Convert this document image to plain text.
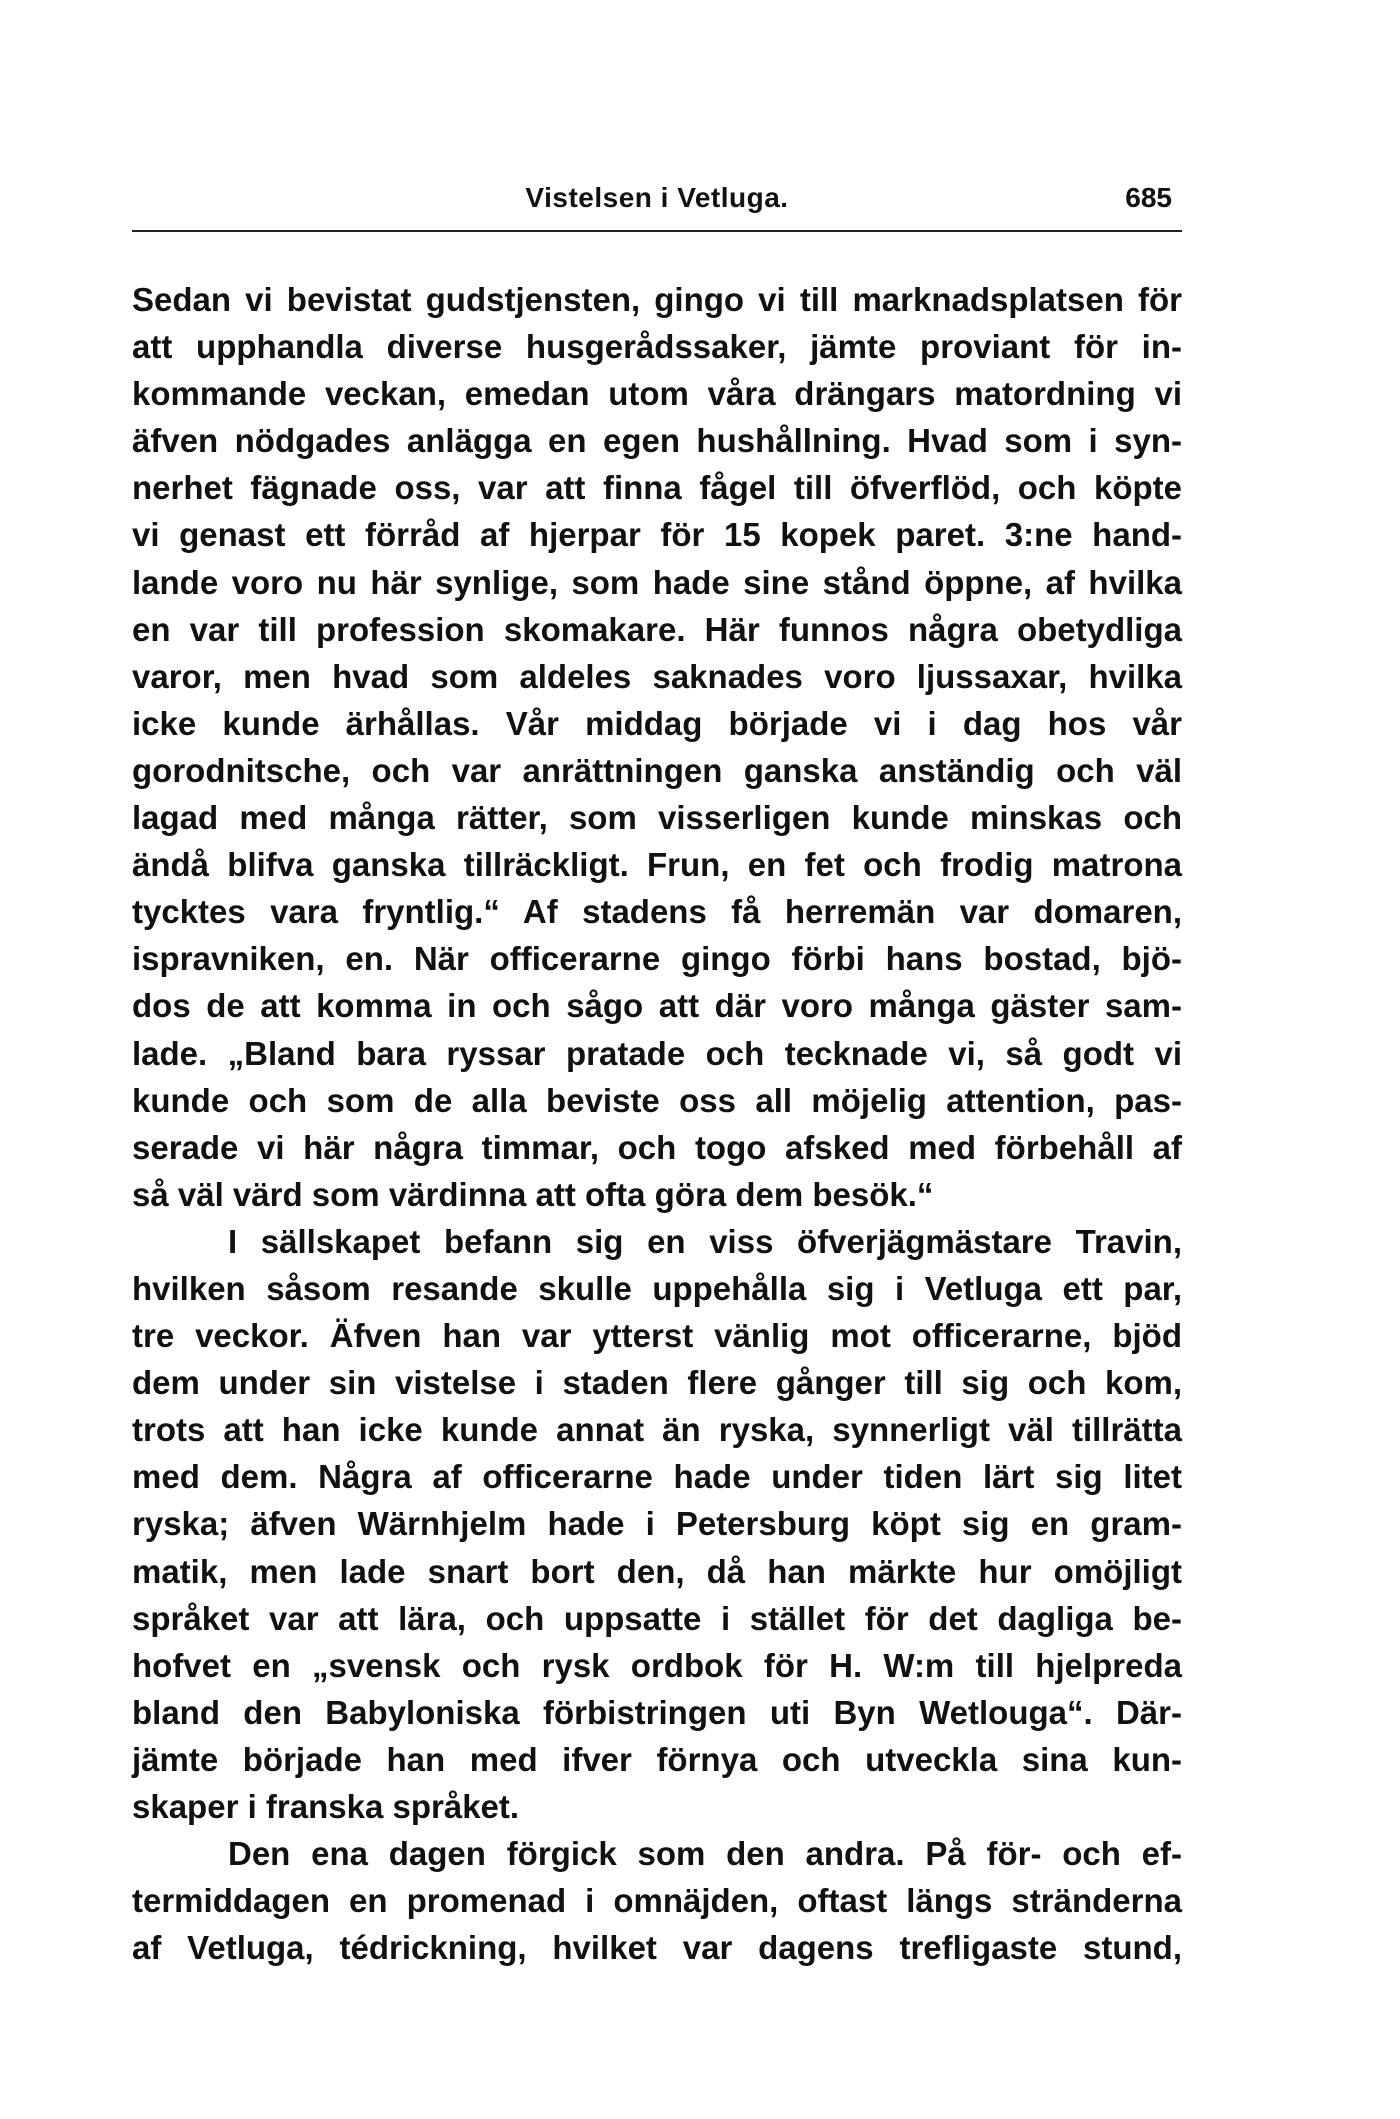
Vistelsen i Vetluga.	685
Sedan vi bevistat gudstjensten, gingo vi till marknadsplatsen för
att upphandla diverse husgerådssaker, jämte proviant för in-
kommande veckan, emedan utom våra drängars matordning vi
äfven nödgades anlägga en egen hushållning. Hvad som i syn-
nerhet fägnade oss, var att finna fågel till öfverflöd, och köpte
vi genast ett förråd af hjerpar för 15 kopek paret. 3:ne hand-
lande voro nu här synlige, som hade sine stånd öppne, af hvilka
en var till profession skomakare. Här funnos några obetydliga
varor, men hvad som aldeles saknades voro ljussaxar, hvilka
icke kunde ärhållas. Vår middag började vi i dag hos vår
gorodnitsche, och var anrättningen ganska anständig och väl
lagad med många rätter, som visserligen kunde minskas och
ändå blifva ganska tillräckligt. Frun, en fet och frodig matrona
tycktes vara fryntlig.“ Af stadens få herremän var domaren,
ispravniken, en. När officerarne gingo förbi hans bostad, bjö-
dos de att komma in och sågo att där voro många gäster sam-
lade. „Bland bara ryssar pratade och tecknade vi, så godt vi
kunde och som de alla beviste oss all möjelig attention, pas-
serade vi här några timmar, och togo afsked med förbehåll af
så väl värd som värdinna att ofta göra dem besök.“
I sällskapet befann sig en viss öfverjägmästare Travin,
hvilken såsom resande skulle uppehålla sig i Vetluga ett par,
tre veckor. Äfven han var ytterst vänlig mot officerarne, bjöd
dem under sin vistelse i staden flere gånger till sig och kom,
trots att han icke kunde annat än ryska, synnerligt väl tillrätta
med dem. Några af officerarne hade under tiden lärt sig litet
ryska; äfven Wärnhjelm hade i Petersburg köpt sig en gram-
matik, men lade snart bort den, då han märkte hur omöjligt
språket var att lära, och uppsatte i stället för det dagliga be-
hofvet en „svensk och rysk ordbok för H. W:m till hjelpreda
bland den Babyloniska förbistringen uti Byn Wetlouga“. Där-
jämte började han med ifver förnya och utveckla sina kun-
skaper i franska språket.
Den ena dagen förgick som den andra. På för- och ef-
termiddagen en promenad i omnäjden, oftast längs stränderna
af Vetluga, tédrickning, hvilket var dagens trefligaste stund,
